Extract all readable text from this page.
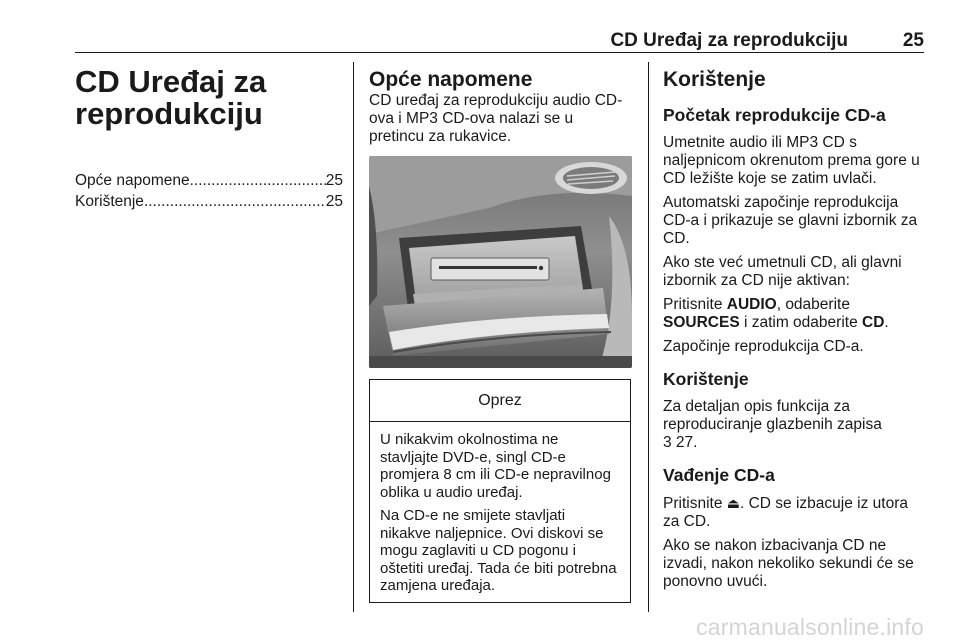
CD Uređaj za reprodukciju	25
CD Uređaj za reprodukciju
Opće napomene .....	25
Korištenje .....	25
Opće napomene
CD uređaj za reprodukciju audio CD-ova i MP3 CD-ova nalazi se u pretincu za rukavice.
Oprez

U nikakvim okolnostima ne stavljajte DVD-e, singl CD-e promjera 8 cm ili CD-e nepravilnog oblika u audio uređaj.

Na CD-e ne smijete stavljati nikakve naljepnice. Ovi diskovi se mogu zaglaviti u CD pogonu i oštetiti uređaj. Tada će biti potrebna zamjena uređaja.

Korištenje
Početak reprodukcije CD-a

Umetnite audio ili MP3 CD s naljepnicom okrenutom prema gore u CD ležište koje se zatim uvlači.

Automatski započinje reprodukcija CD-a i prikazuje se glavni izbornik za CD.

Ako ste već umetnuli CD, ali glavni izbornik za CD nije aktivan:

Pritisnite AUDIO, odaberite
SOURCES i zatim odaberite CD.

Započinje reprodukcija CD-a.

Korištenje

Za detaljan opis funkcija za reproduciranje glazbenih zapisa
3 27.

Vađenje CD-a

Pritisnite ⏏. CD se izbacuje iz utora za CD.

Ako se nakon izbacivanja CD ne izvadi, nakon nekoliko sekundi će se ponovno uvući.

carmanualsonline.info
